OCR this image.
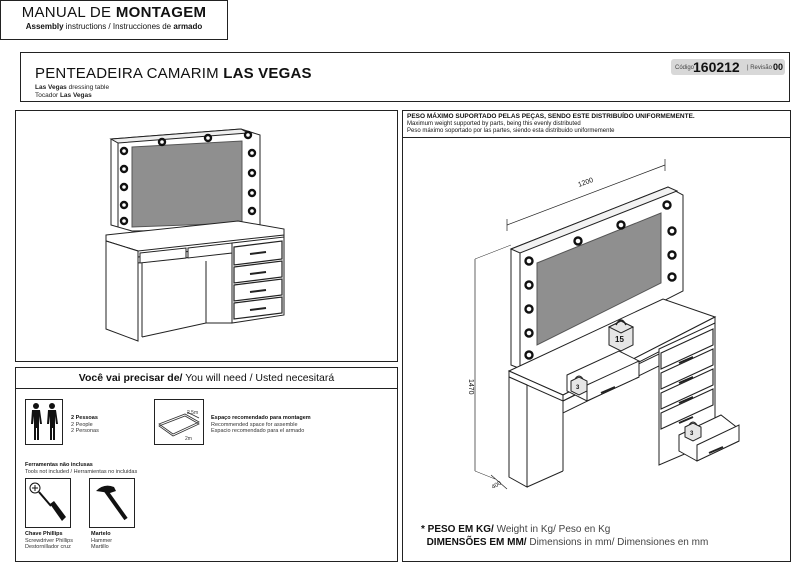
MANUAL DE MONTAGEM
Assembly instructions / Instrucciones de armado
PENTEADEIRA CAMARIM LAS VEGAS
Las Vegas dressing table
Tocador Las Vegas
Código
160212 | Revisão 00
Você vai precisar de/ You will need / Usted necesitará
2 Pessoas
2 People
2 Personas
2,5m
2m
Espaço recomendado para montagem
Recommended space for assemble
Espacio recomendado para el armado
Ferramentas não inclusas
Tools not included / Herramientas no incluidas
Chave Phillips
Screwdriver Phillips
Destornillador cruz
Martelo
Hammer
Martillo
PESO MÁXIMO SUPORTADO PELAS PEÇAS, SENDO ESTE DISTRIBUÍDO UNIFORMEMENTE.
Maximum weight supported by parts, being this evenly distributed
Peso máximo soportado por las partes, siendo esta distribuido uniformemente
1200
1470
400
15
3
3
* PESO EM KG/ Weight in Kg/ Peso en Kg
DIMENSÕES EM MM/ Dimensions in mm/ Dimensiones en mm
